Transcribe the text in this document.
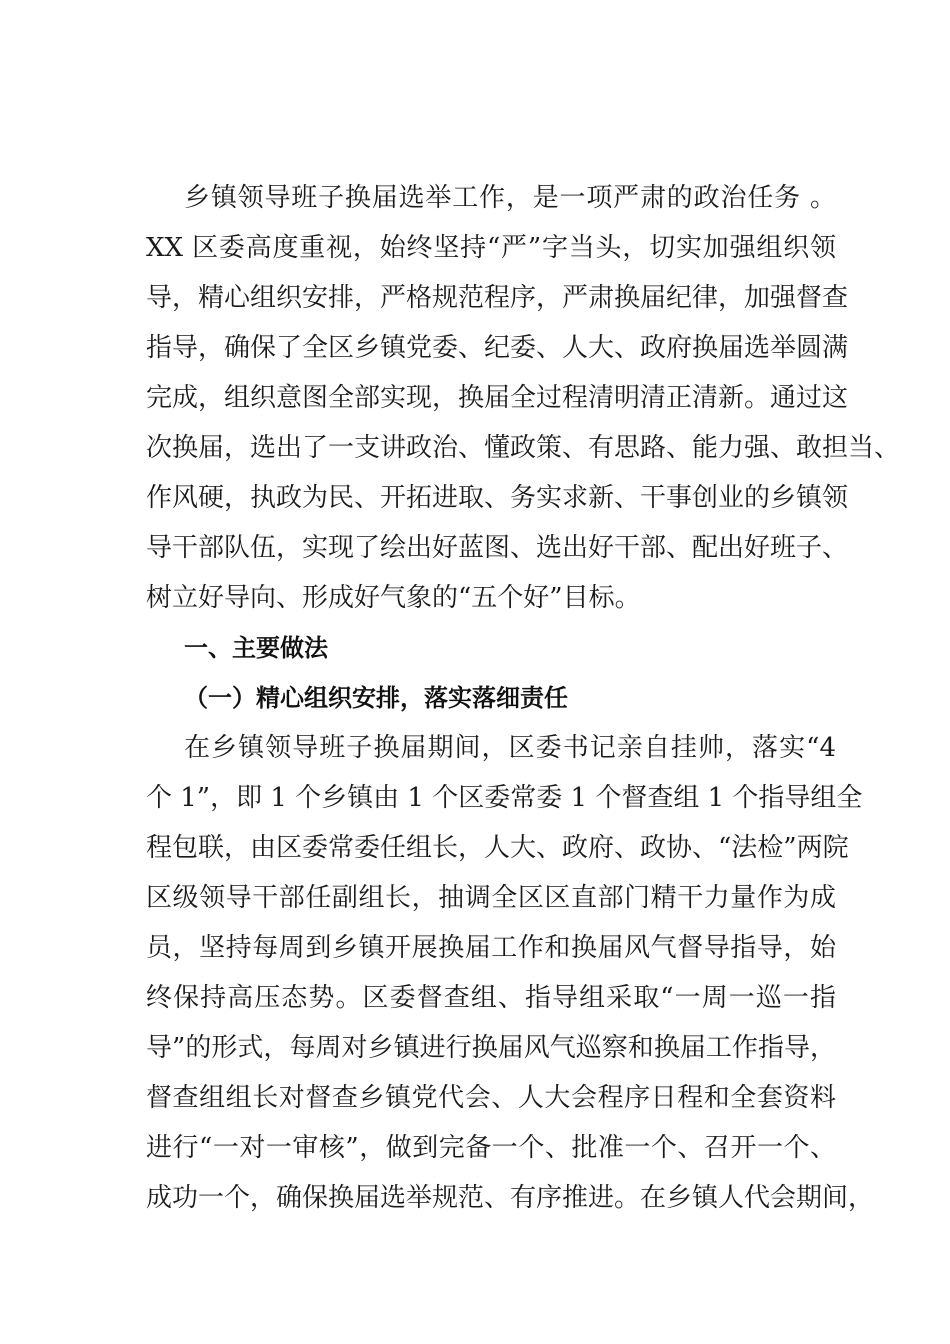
乡镇领导班子换届选举工作，是一项严肃的政治任务 。
XX 区委高度重视，始终坚持“严”字当头，切实加强组织领
导，精心组织安排，严格规范程序，严肃换届纪律，加强督查
指导，确保了全区乡镇党委、纪委、人大、政府换届选举圆满
完成，组织意图全部实现，换届全过程清明清正清新。通过这
次换届，选出了一支讲政治、懂政策、有思路、能力强、敢担当、
作风硬，执政为民、开拓进取、务实求新、干事创业的乡镇领
导干部队伍，实现了绘出好蓝图、选出好干部、配出好班子、
树立好导向、形成好气象的“五个好”目标。
一、主要做法
（一）精心组织安排，落实落细责任
在乡镇领导班子换届期间，区委书记亲自挂帅，落实“4
个 1”，即 1 个乡镇由 1 个区委常委 1 个督查组 1 个指导组全
程包联，由区委常委任组长，人大、政府、政协、“法检”两院
区级领导干部任副组长，抽调全区区直部门精干力量作为成
员，坚持每周到乡镇开展换届工作和换届风气督导指导，始
终保持高压态势。区委督查组、指导组采取“一周一巡一指
导”的形式，每周对乡镇进行换届风气巡察和换届工作指导，
督查组组长对督查乡镇党代会、人大会程序日程和全套资料
进行“一对一审核”，做到完备一个、批准一个、召开一个、
成功一个，确保换届选举规范、有序推进。在乡镇人代会期间，
